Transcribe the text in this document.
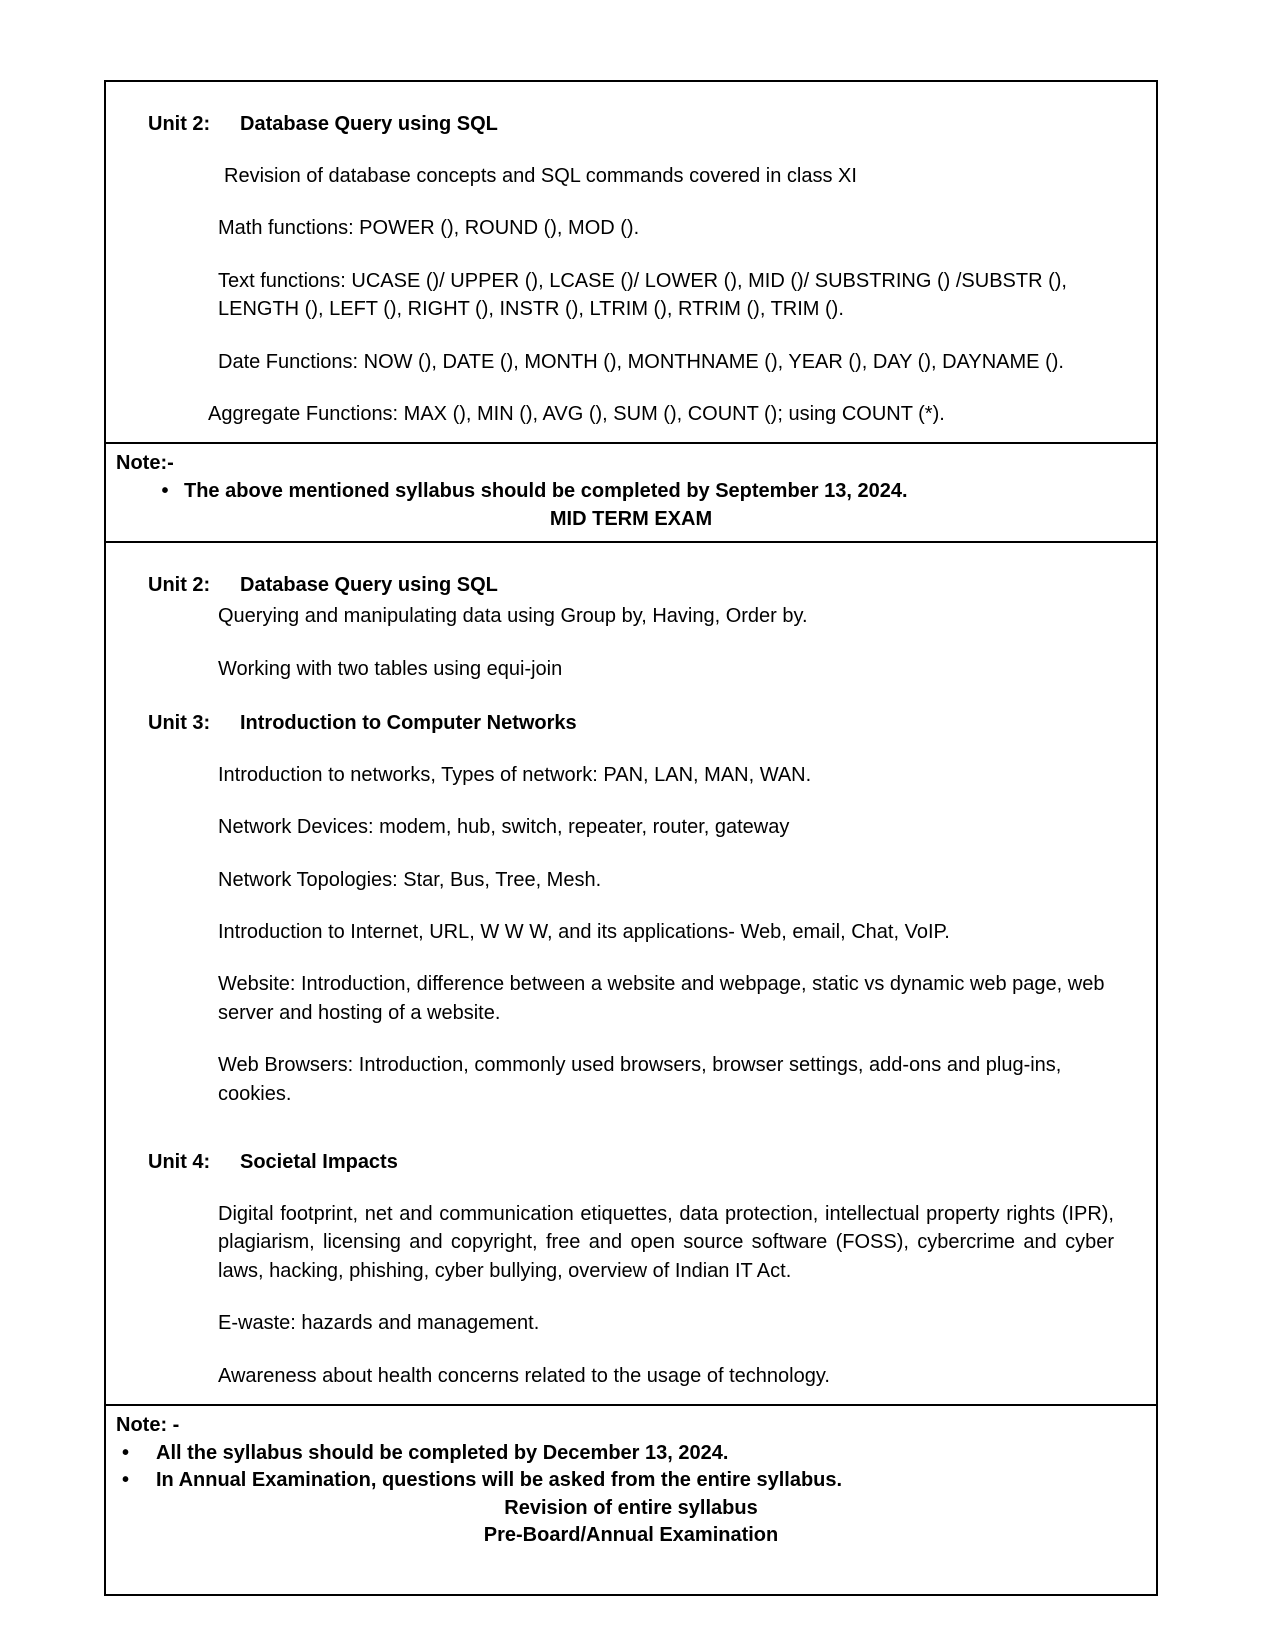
Unit 2:	Database Query using SQL

Revision of database concepts and SQL commands covered in class XI

Math functions: POWER (), ROUND (), MOD ().

Text functions: UCASE ()/ UPPER (), LCASE ()/ LOWER (), MID ()/ SUBSTRING () /SUBSTR (), LENGTH (), LEFT (), RIGHT (), INSTR (), LTRIM (), RTRIM (), TRIM ().

Date Functions: NOW (), DATE (), MONTH (), MONTHNAME (), YEAR (), DAY (), DAYNAME ().

Aggregate Functions: MAX (), MIN (), AVG (), SUM (), COUNT (); using COUNT (*).

Note:-
• The above mentioned syllabus should be completed by September 13, 2024.
MID TERM EXAM
Unit 2:	Database Query using SQL

Querying and manipulating data using Group by, Having, Order by.

Working with two tables using equi-join

Unit 3:	Introduction to Computer Networks

Introduction to networks, Types of network: PAN, LAN, MAN, WAN.

Network Devices: modem, hub, switch, repeater, router, gateway

Network Topologies: Star, Bus, Tree, Mesh.

Introduction to Internet, URL, W W W, and its applications- Web, email, Chat, VoIP.

Website: Introduction, difference between a website and webpage, static vs dynamic web page, web server and hosting of a website.

Web Browsers: Introduction, commonly used browsers, browser settings, add-ons and plug-ins, cookies.

Unit 4:	Societal Impacts

Digital footprint, net and communication etiquettes, data protection, intellectual property rights (IPR), plagiarism, licensing and copyright, free and open source software (FOSS), cybercrime and cyber laws, hacking, phishing, cyber bullying, overview of Indian IT Act.

E-waste: hazards and management.

Awareness about health concerns related to the usage of technology.

Note: -
•	All the syllabus should be completed by December 13, 2024.
•	In Annual Examination, questions will be asked from the entire syllabus.
Revision of entire syllabus
Pre-Board/Annual Examination
